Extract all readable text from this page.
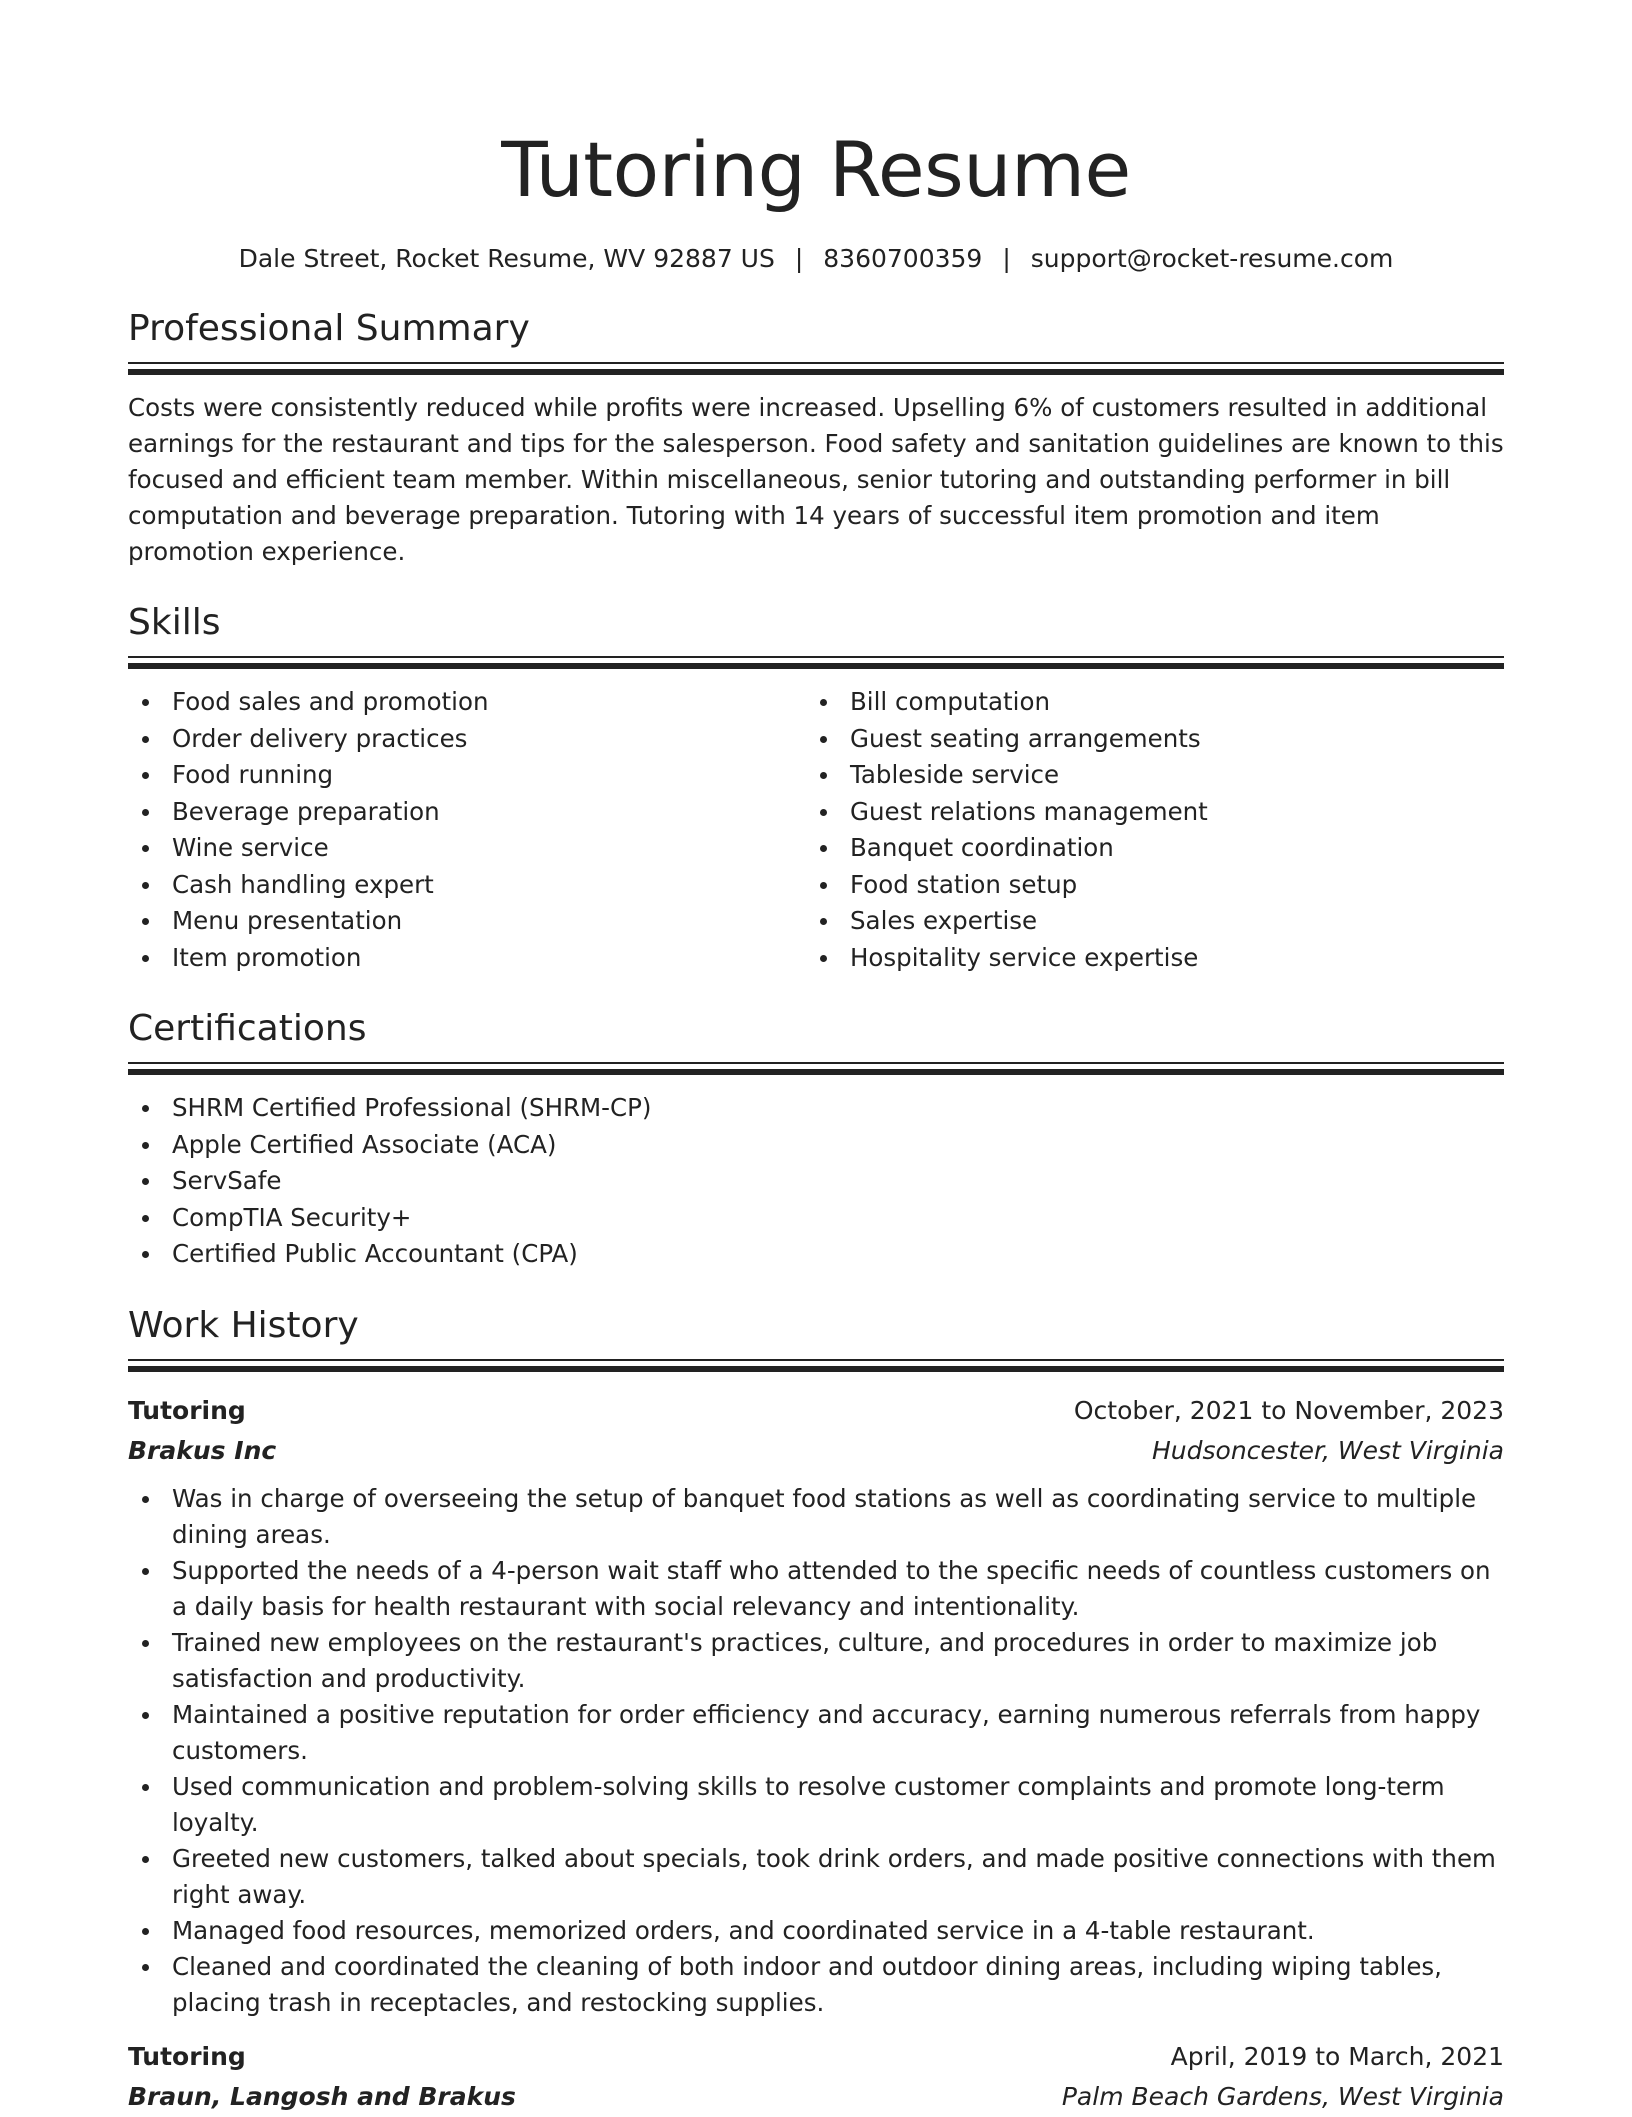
Tutoring Resume
Dale Street, Rocket Resume, WV 92887 US | 8360700359 | support@rocket-resume.com
Professional Summary
Costs were consistently reduced while profits were increased. Upselling 6% of customers resulted in additional earnings for the restaurant and tips for the salesperson. Food safety and sanitation guidelines are known to this focused and efficient team member. Within miscellaneous, senior tutoring and outstanding performer in bill computation and beverage preparation. Tutoring with 14 years of successful item promotion and item promotion experience.
Skills
Food sales and promotion
Order delivery practices
Food running
Beverage preparation
Wine service
Cash handling expert
Menu presentation
Item promotion
Bill computation
Guest seating arrangements
Tableside service
Guest relations management
Banquet coordination
Food station setup
Sales expertise
Hospitality service expertise
Certifications
SHRM Certified Professional (SHRM-CP)
Apple Certified Associate (ACA)
ServSafe
CompTIA Security+
Certified Public Accountant (CPA)
Work History
Tutoring	October, 2021 to November, 2023
Brakus Inc	Hudsoncester, West Virginia
Was in charge of overseeing the setup of banquet food stations as well as coordinating service to multiple dining areas.
Supported the needs of a 4-person wait staff who attended to the specific needs of countless customers on a daily basis for health restaurant with social relevancy and intentionality.
Trained new employees on the restaurant's practices, culture, and procedures in order to maximize job satisfaction and productivity.
Maintained a positive reputation for order efficiency and accuracy, earning numerous referrals from happy customers.
Used communication and problem-solving skills to resolve customer complaints and promote long-term loyalty.
Greeted new customers, talked about specials, took drink orders, and made positive connections with them right away.
Managed food resources, memorized orders, and coordinated service in a 4-table restaurant.
Cleaned and coordinated the cleaning of both indoor and outdoor dining areas, including wiping tables, placing trash in receptacles, and restocking supplies.
Tutoring	April, 2019 to March, 2021
Braun, Langosh and Brakus	Palm Beach Gardens, West Virginia
